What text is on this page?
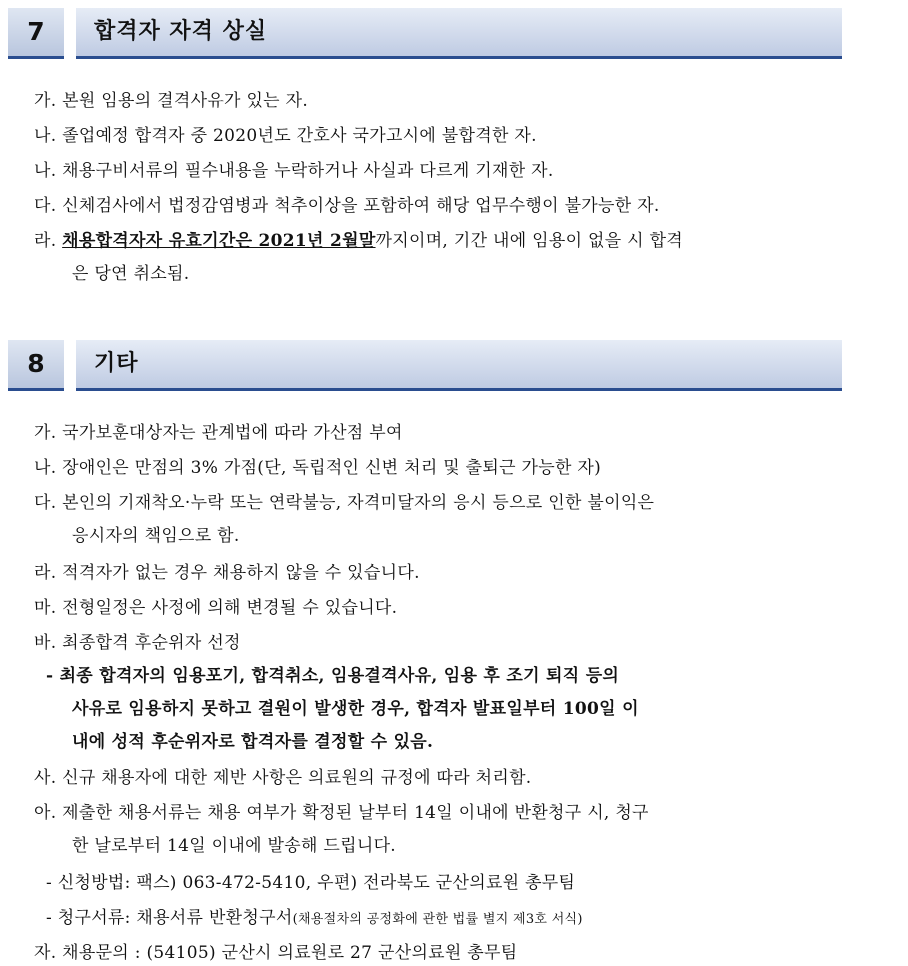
7	합격자 자격 상실
가. 본원 임용의 결격사유가 있는 자.
나. 졸업예정 합격자 중 2020년도 간호사 국가고시에 불합격한 자.
나. 채용구비서류의 필수내용을 누락하거나 사실과 다르게 기재한 자.
다. 신체검사에서 법정감염병과 척추이상을 포함하여 해당 업무수행이 불가능한 자.
라. 채용합격자자 유효기간은 2021년 2월말까지이며, 기간 내에 임용이 없을 시 합격
은 당연 취소됨.
8	기타
가. 국가보훈대상자는 관계법에 따라 가산점 부여
나. 장애인은 만점의 3% 가점(단, 독립적인 신변 처리 및 출퇴근 가능한 자)
다. 본인의 기재착오·누락 또는 연락불능, 자격미달자의 응시 등으로 인한 불이익은
응시자의 책임으로 함.
라. 적격자가 없는 경우 채용하지 않을 수 있습니다.
마. 전형일정은 사정에 의해 변경될 수 있습니다.
바. 최종합격 후순위자 선정
- 최종 합격자의 임용포기, 합격취소, 임용결격사유, 임용 후 조기 퇴직 등의
사유로 임용하지 못하고 결원이 발생한 경우, 합격자 발표일부터 100일 이
내에 성적 후순위자로 합격자를 결정할 수 있음.
사. 신규 채용자에 대한 제반 사항은 의료원의 규정에 따라 처리함.
아. 제출한 채용서류는 채용 여부가 확정된 날부터 14일 이내에 반환청구 시, 청구
한 날로부터 14일 이내에 발송해 드립니다.
- 신청방법: 팩스) 063-472-5410, 우편) 전라북도 군산의료원 총무팀
- 청구서류: 채용서류 반환청구서(채용절차의 공정화에 관한 법률 별지 제3호 서식)
자. 채용문의 : (54105) 군산시 의료원로 27 군산의료원 총무팀
